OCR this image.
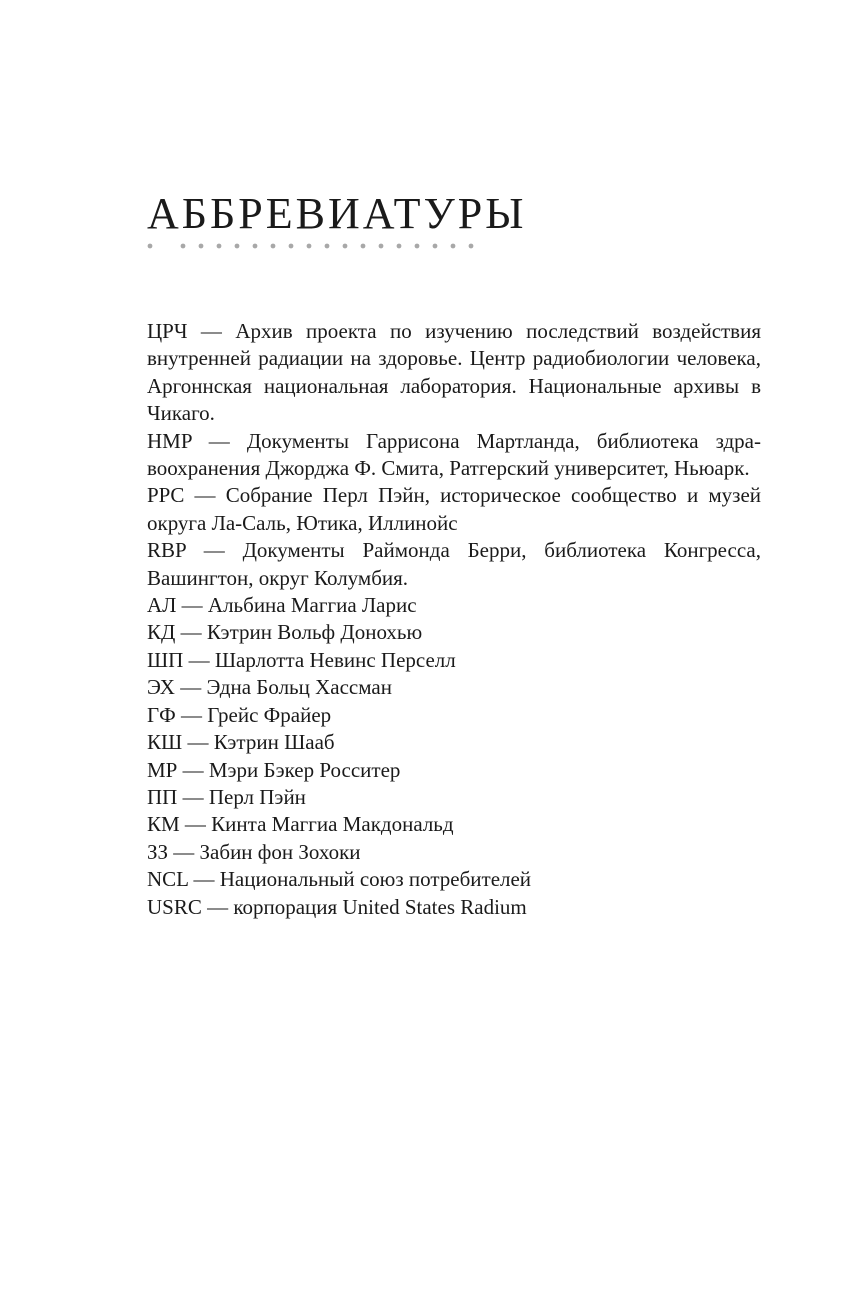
АББРЕВИАТУРЫ
ЦРЧ — Архив проекта по изучению последствий воздействия внутренней радиации на здоровье. Центр радиобиологии человека, Аргоннская национальная лаборатория. Национальные архивы в Чикаго.
HMP — Документы Гаррисона Мартланда, библиотека здравоохранения Джорджа Ф. Смита, Ратгерский университет, Ньюарк.
PPC — Собрание Перл Пэйн, историческое сообщество и музей округа Ла-Саль, Ютика, Иллинойс
RBP — Документы Раймонда Берри, библиотека Конгресса, Вашингтон, округ Колумбия.
АЛ — Альбина Маггиа Ларис
КД — Кэтрин Вольф Донохью
ШП — Шарлотта Невинс Перселл
ЭХ — Эдна Больц Хассман
ГФ — Грейс Фрайер
КШ — Кэтрин Шааб
МР — Мэри Бэкер Росситер
ПП — Перл Пэйн
КМ — Кинта Маггиа Макдональд
ЗЗ — Забин фон Зохоки
NCL — Национальный союз потребителей
USRC — корпорация United States Radium
